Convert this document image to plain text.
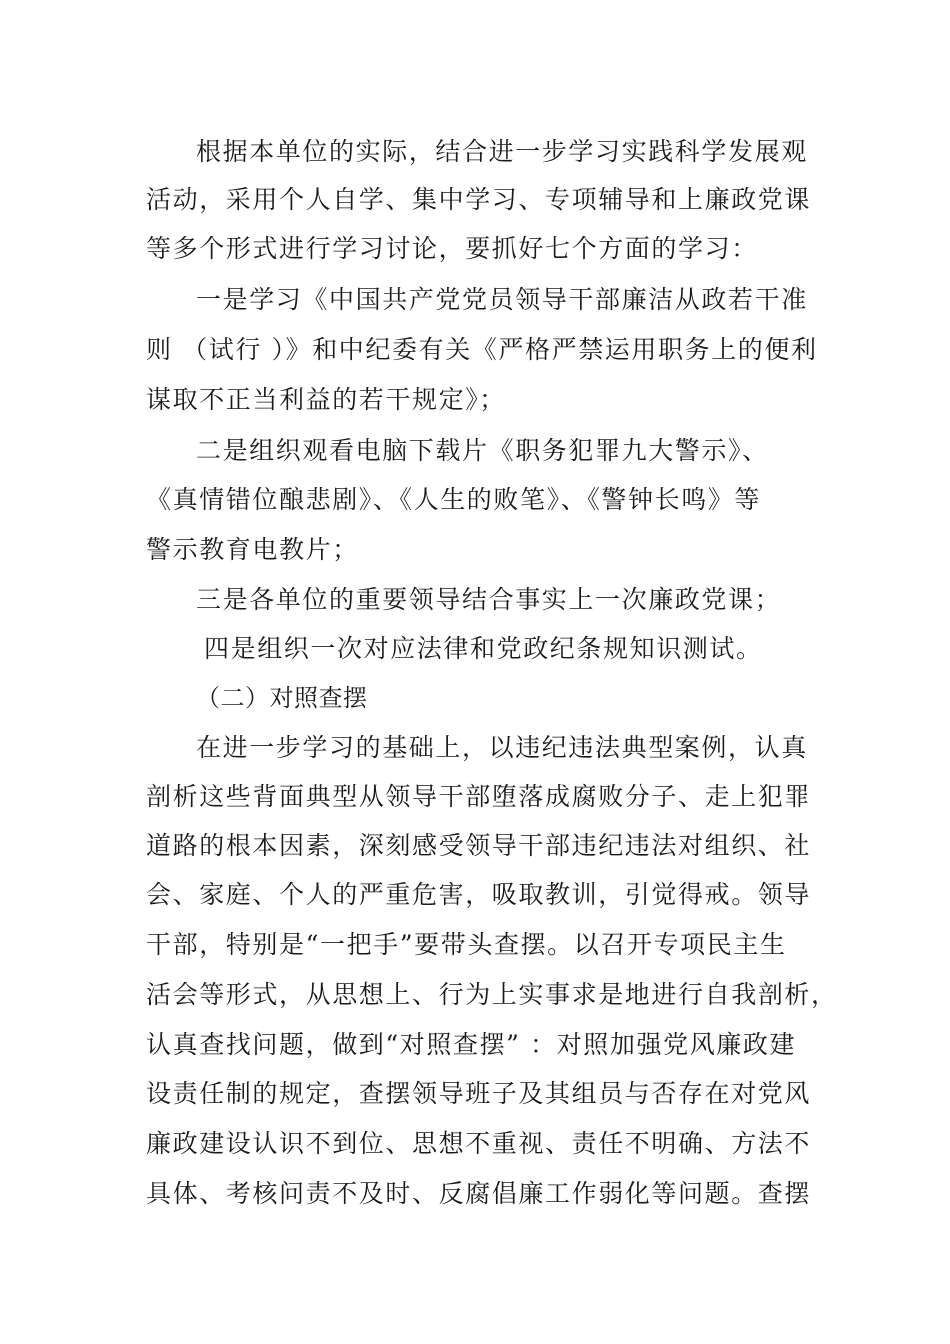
根据本单位的实际，结合进一步学习实践科学发展观
活动，采用个人自学、集中学习、专项辅导和上廉政党课
等多个形式进行学习讨论，要抓好七个方面的学习：
一是学习《中国共产党党员领导干部廉洁从政若干准
则 （试行 ）》和中纪委有关《严格严禁运用职务上的便利
谋取不正当利益的若干规定》；
二是组织观看电脑下载片《职务犯罪九大警示》、
《真情错位酿悲剧》、《人生的败笔》、《警钟长鸣》等
警示教育电教片；
三是各单位的重要领导结合事实上一次廉政党课；
四是组织一次对应法律和党政纪条规知识测试。
（二）对照查摆
在进一步学习的基础上，以违纪违法典型案例，认真
剖析这些背面典型从领导干部堕落成腐败分子、走上犯罪
道路的根本因素，深刻感受领导干部违纪违法对组织、社
会、家庭、个人的严重危害，吸取教训，引觉得戒。领导
干部，特别是“一把手”要带头查摆。以召开专项民主生
活会等形式，从思想上、行为上实事求是地进行自我剖析，
认真查找问题，做到“对照查摆” ：对照加强党风廉政建
设责任制的规定，查摆领导班子及其组员与否存在对党风
廉政建设认识不到位、思想不重视、责任不明确、方法不
具体、考核问责不及时、反腐倡廉工作弱化等问题。查摆
